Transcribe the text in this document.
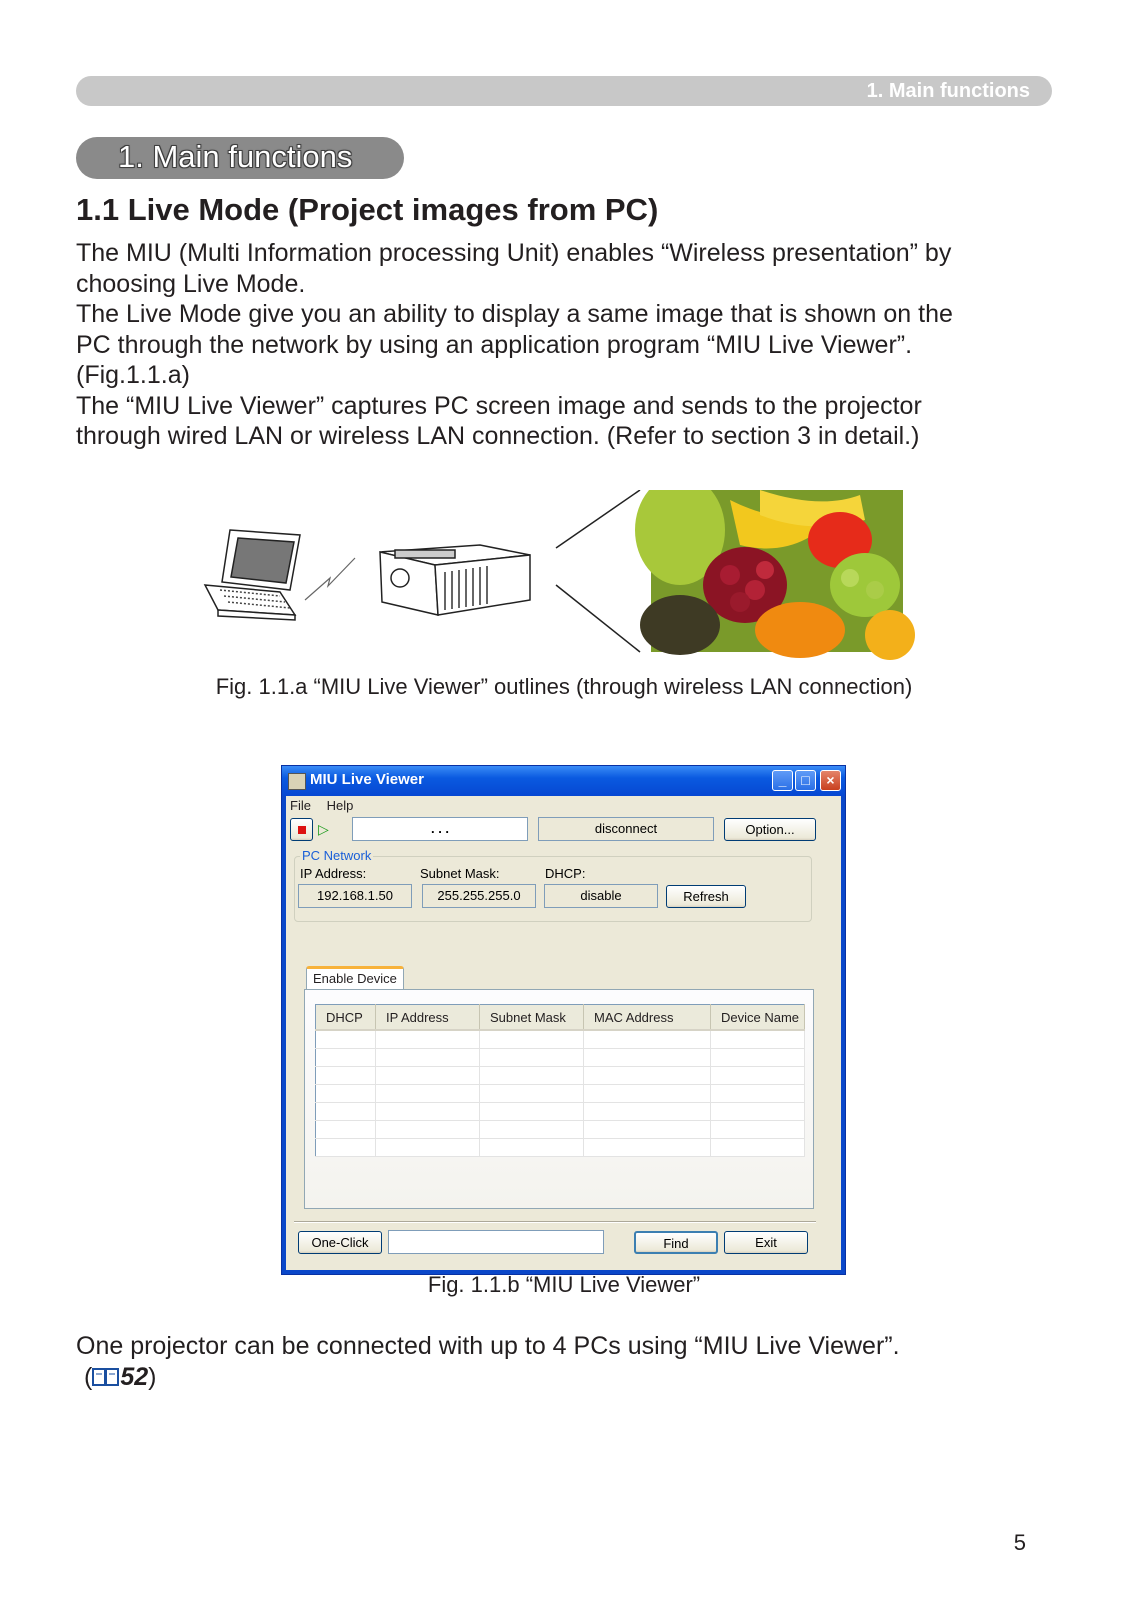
1. Main functions
1. Main functions
1.1 Live Mode (Project images from PC)

The MIU (Multi Information processing Unit) enables “Wireless presentation” by

choosing Live Mode.

The Live Mode give you an ability to display a same image that is shown on the

PC through the network by using an application program “MIU Live Viewer”.

(Fig.1.1.a)

The “MIU Live Viewer” captures PC screen image and sends to the projector

through wired LAN or wireless LAN connection. (Refer to section 3 in detail.)

Fig. 1.1.a “MIU Live Viewer” outlines (through wireless LAN connection)
MIU Live Viewer	_	□	×
File Help
▷	. . .	disconnect	Option...
PC Network
IP Address:	Subnet Mask:	DHCP:
192.168.1.50	255.255.255.0	disable	Refresh
Enable Device
DHCP	IP Address	Subnet Mask	MAC Address	Device Name

One-Click	Find	Exit
Fig. 1.1.b “MIU Live Viewer”

One projector can be connected with up to 4 PCs using “MIU Live Viewer”.

( 52)

5
